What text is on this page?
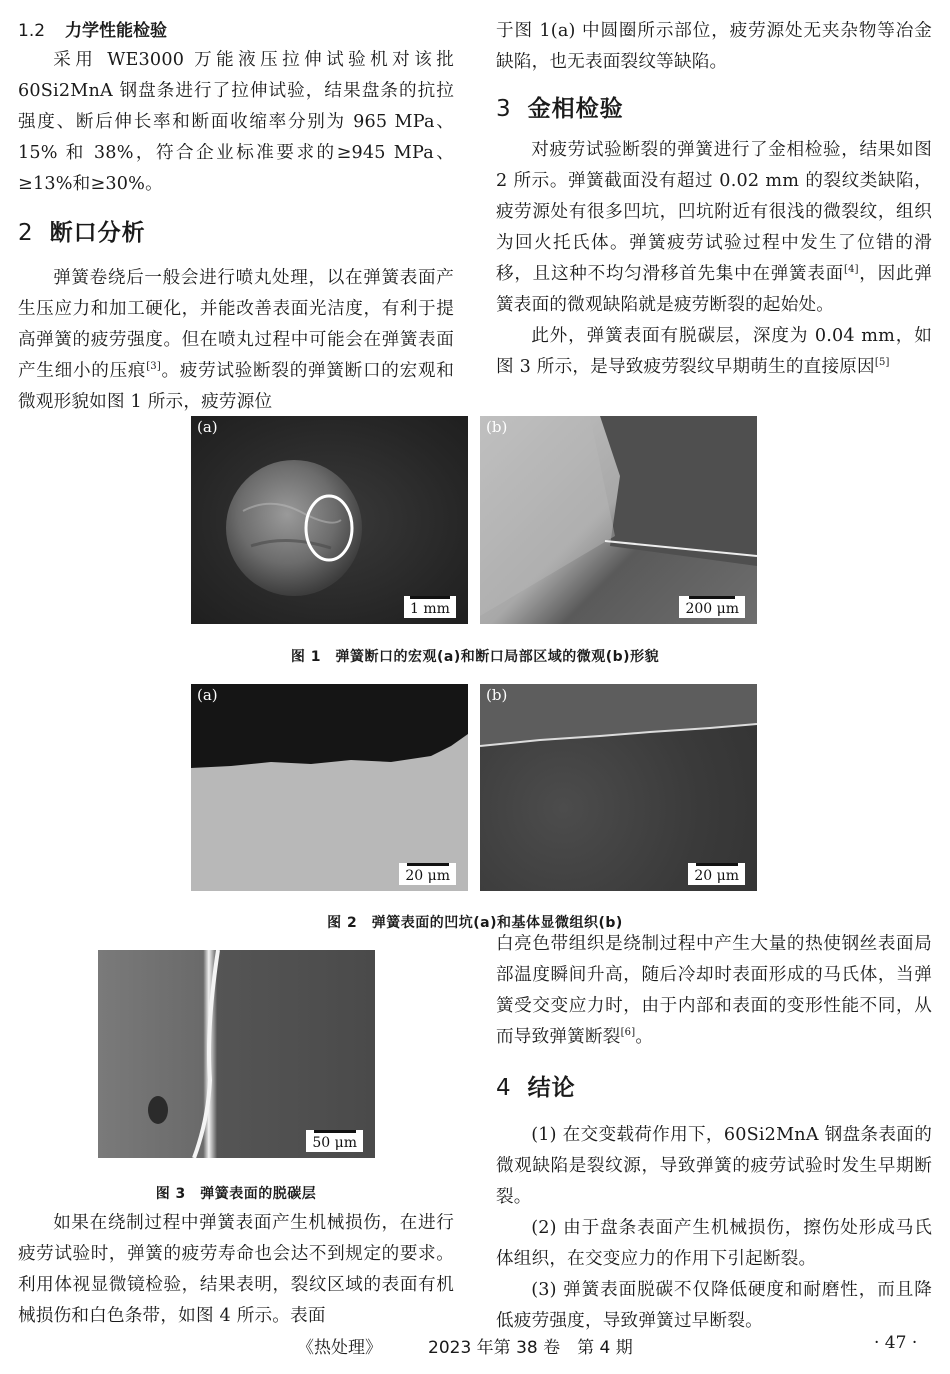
1.2 力学性能检验

采用 WE3000 万能液压拉伸试验机对该批 60Si2MnA 钢盘条进行了拉伸试验，结果盘条的抗拉强度、断后伸长率和断面收缩率分别为 965 MPa、15% 和 38%，符合企业标准要求的≥945 MPa、≥13%和≥30%。

2 断口分析

弹簧卷绕后一般会进行喷丸处理，以在弹簧表面产生压应力和加工硬化，并能改善表面光洁度，有利于提高弹簧的疲劳强度。但在喷丸过程中可能会在弹簧表面产生细小的压痕[3]。疲劳试验断裂的弹簧断口的宏观和微观形貌如图 1 所示，疲劳源位

于图 1(a) 中圆圈所示部位，疲劳源处无夹杂物等冶金缺陷，也无表面裂纹等缺陷。

3 金相检验

对疲劳试验断裂的弹簧进行了金相检验，结果如图 2 所示。弹簧截面没有超过 0.02 mm 的裂纹类缺陷，疲劳源处有很多凹坑，凹坑附近有很浅的微裂纹，组织为回火托氏体。弹簧疲劳试验过程中发生了位错的滑移，且这种不均匀滑移首先集中在弹簧表面[4]，因此弹簧表面的微观缺陷就是疲劳断裂的起始处。

此外，弹簧表面有脱碳层，深度为 0.04 mm，如图 3 所示，是导致疲劳裂纹早期萌生的直接原因[5]

(a)
1 mm
(b)
200 μm
图 1　弹簧断口的宏观(a)和断口局部区域的微观(b)形貌
(a)
20 μm
(b)
20 μm
图 2　弹簧表面的凹坑(a)和基体显微组织(b)
50 μm
图 3　弹簧表面的脱碳层

如果在绕制过程中弹簧表面产生机械损伤，在进行疲劳试验时，弹簧的疲劳寿命也会达不到规定的要求。利用体视显微镜检验，结果表明，裂纹区域的表面有机械损伤和白色条带，如图 4 所示。表面

白亮色带组织是绕制过程中产生大量的热使钢丝表面局部温度瞬间升高，随后冷却时表面形成的马氏体，当弹簧受交变应力时，由于内部和表面的变形性能不同，从而导致弹簧断裂[6]。

4 结论

(1) 在交变载荷作用下，60Si2MnA 钢盘条表面的微观缺陷是裂纹源，导致弹簧的疲劳试验时发生早期断裂。

(2) 由于盘条表面产生机械损伤，擦伤处形成马氏体组织，在交变应力的作用下引起断裂。

(3) 弹簧表面脱碳不仅降低硬度和耐磨性，而且降低疲劳强度，导致弹簧过早断裂。

《热处理》	2023 年第 38 卷　第 4 期	· 47 ·
